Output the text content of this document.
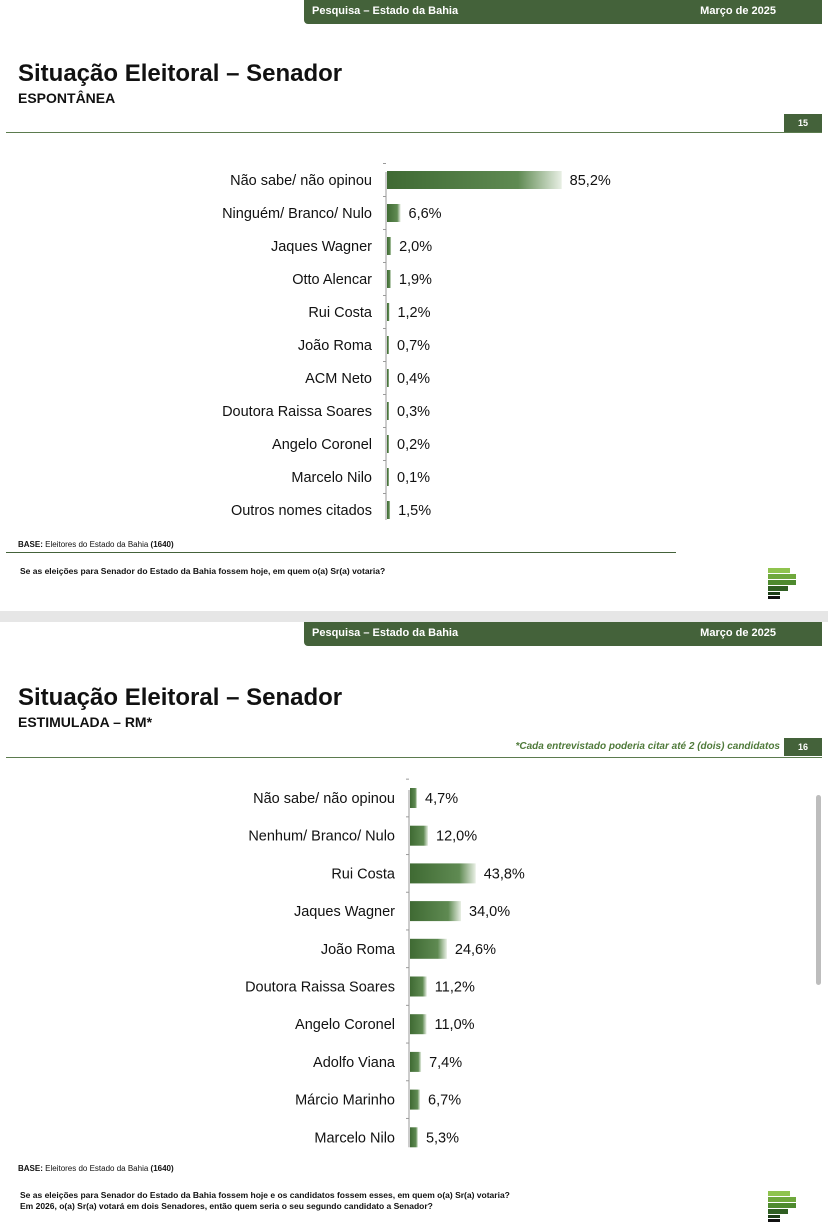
Pesquisa – Estado da Bahia	Março de 2025
Situação Eleitoral – Senador
ESPONTÂNEA
15
Não sabe/ não opinou	85,2%
Ninguém/ Branco/ Nulo	6,6%
Jaques Wagner 2,0%
Otto Alencar 1,9%
Rui Costa 1,2%
João Roma 0,7%
ACM Neto 0,4%
Doutora Raissa Soares 0,3%
Angelo Coronel 0,2%
Marcelo Nilo 0,1%
Outros nomes citados 1,5%
BASE: Eleitores do Estado da Bahia (1640)
Se as eleições para Senador do Estado da Bahia fossem hoje, em quem o(a) Sr(a) votaria?
Pesquisa – Estado da Bahia	Março de 2025
Situação Eleitoral – Senador
ESTIMULADA – RM*
*Cada entrevistado poderia citar até 2 (dois) candidatos	16
Não sabe/ não opinou 4,7%
Nenhum/ Branco/ Nulo	12,0%
Rui Costa	43,8%
Jaques Wagner	34,0%
João Roma	24,6%
Doutora Raissa Soares	11,2%
Angelo Coronel	11,0%
Adolfo Viana 7,4%
Márcio Marinho 6,7%
Marcelo Nilo 5,3%
BASE: Eleitores do Estado da Bahia (1640)
Se as eleições para Senador do Estado da Bahia fossem hoje e os candidatos fossem esses, em quem o(a) Sr(a) votaria?
Em 2026, o(a) Sr(a) votará em dois Senadores, então quem seria o seu segundo candidato a Senador?
